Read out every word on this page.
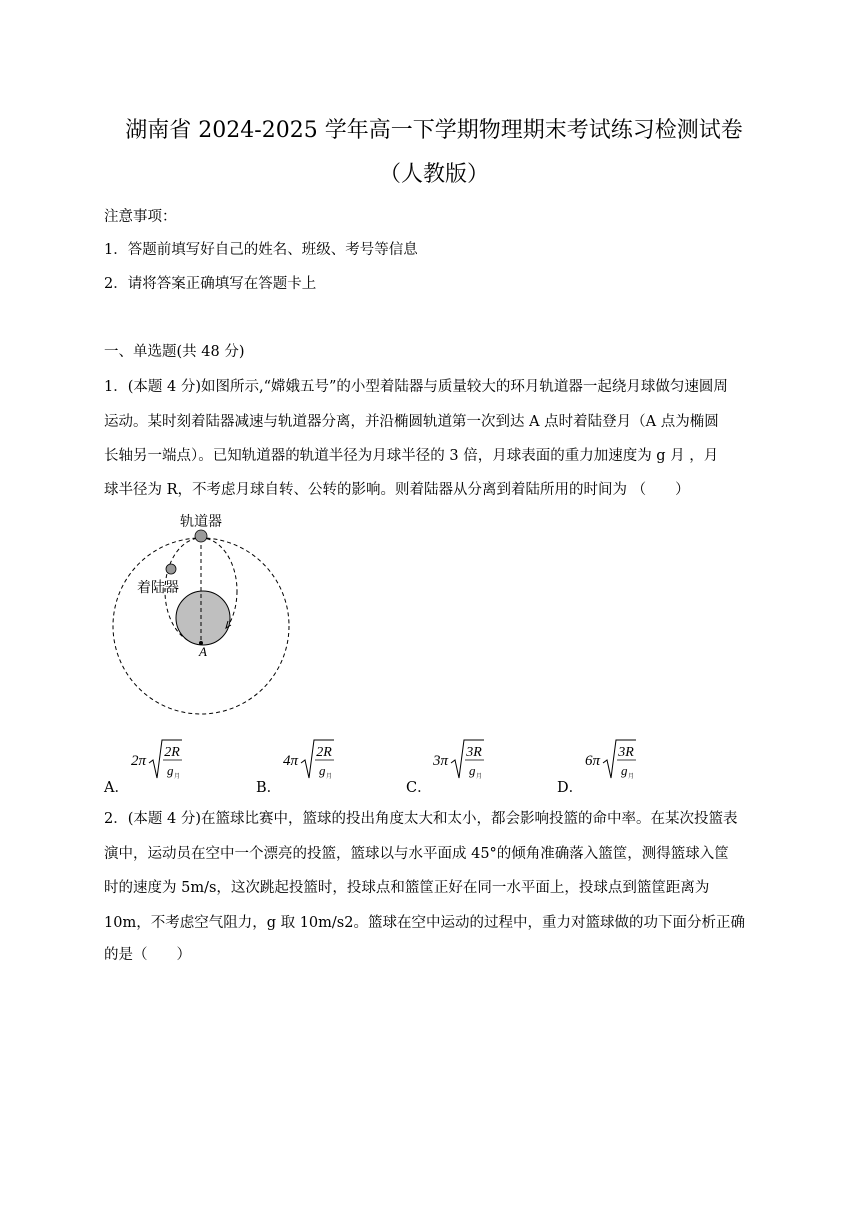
湖南省 2024-2025 学年高一下学期物理期末考试练习检测试卷
（人教版）
注意事项：
1．答题前填写好自己的姓名、班级、考号等信息
2．请将答案正确填写在答题卡上
一、单选题(共 48 分)
1．(本题 4 分)如图所示,“嫦娥五号”的小型着陆器与质量较大的环月轨道器一起绕月球做匀速圆周
运动。某时刻着陆器减速与轨道器分离，并沿椭圆轨道第一次到达 A 点时着陆登月（A 点为椭圆
长轴另一端点）。已知轨道器的轨道半径为月球半径的 3 倍，月球表面的重力加速度为 g 月 ，月
球半径为 R，不考虑月球自转、公转的影响。则着陆器从分离到着陆所用的时间为 （　　）
轨道器
着陆器
A
A．
2π
2R
g 月
B．
4π
2R
g 月
C．
3π
3R
g 月
D．
6π
3R
g 月
2．(本题 4 分)在篮球比赛中，篮球的投出角度太大和太小，都会影响投篮的命中率。在某次投篮表
演中，运动员在空中一个漂亮的投篮，篮球以与水平面成 45°的倾角准确落入篮筐，测得篮球入筐
时的速度为 5m/s，这次跳起投篮时，投球点和篮筐正好在同一水平面上，投球点到篮筐距离为
10m，不考虑空气阻力，g 取 10m/s2。篮球在空中运动的过程中，重力对篮球做的功下面分析正确
的是（　　）
